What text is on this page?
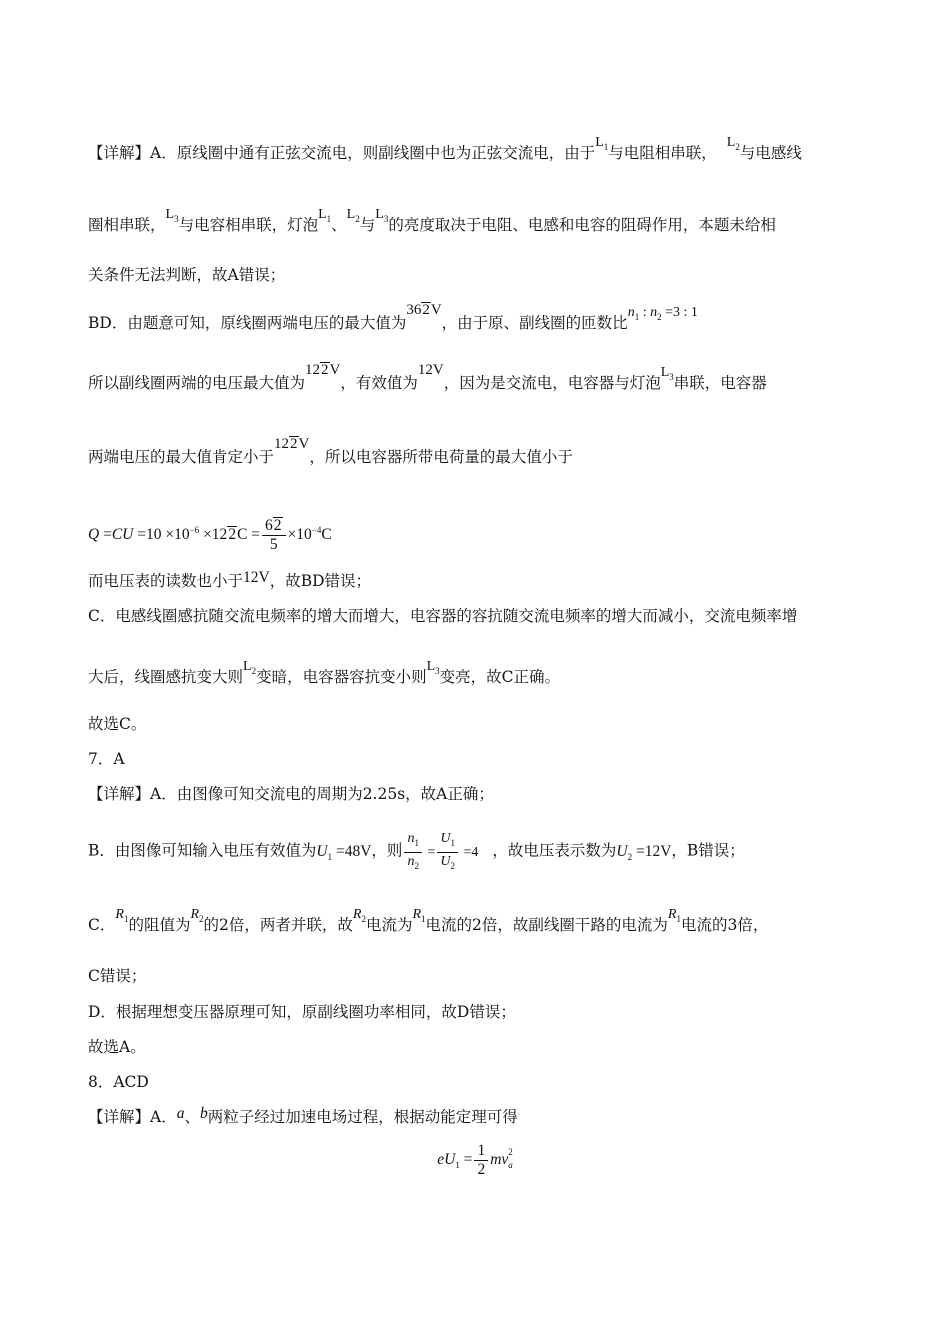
【详解】A．原线圈中通有正弦交流电，则副线圈中也为正弦交流电，由于$L_1$与电阻相串联，$L_2$与电感线
圈相串联，$L_3$与电容相串联，灯泡$L_1$、$L_2$与$L_3$的亮度取决于电阻、电感和电容的阻碍作用，本题未给相
关条件无法判断，故A错误；
BD．由题意可知，原线圈两端电压的最大值为362V，由于原、副线圈的匝数比$n_1$ : $n_2 =3$ : 1
所以副线圈两端的电压最大值为122V，有效值为12V，因为是交流电，电容器与灯泡$L_3$串联，电容器
两端电压的最大值肯定小于122V，所以电容器所带电荷量的最大值小于
$Q =CU =10 \times 10^{-6} \times 122C = \frac{62}{5} \times 10^{-4}C$
而电压表的读数也小于12V，故BD错误；
C．电感线圈感抗随交流电频率的增大而增大，电容器的容抗随交流电频率的增大而减小，交流电频率增
大后，线圈感抗变大则$L_2$变暗，电容器容抗变小则$L_3$变亮，故C正确。
故选C。
7．A
【详解】A．由图像可知交流电的周期为2.25s，故A正确；
B．由图像可知输入电压有效值为$U_1 =48V$，则 $\frac{n_1}{n_2} = \frac{U_1}{U_2} =4$ ，故电压表示数为$U_2 =12V$，B错误；
C．$R_1$的阻值为$R_2$的2倍，两者并联，故$R_2$电流为$R_1$电流的2倍，故副线圈干路的电流为$R_1$电流的3倍，
C错误；
D．根据理想变压器原理可知，原副线圈功率相同，故D错误；
故选A。
8．ACD
【详解】A．a、b两粒子经过加速电场过程，根据动能定理可得
$eU_1 = \frac{1}{2}$ mv 2
$_a$
